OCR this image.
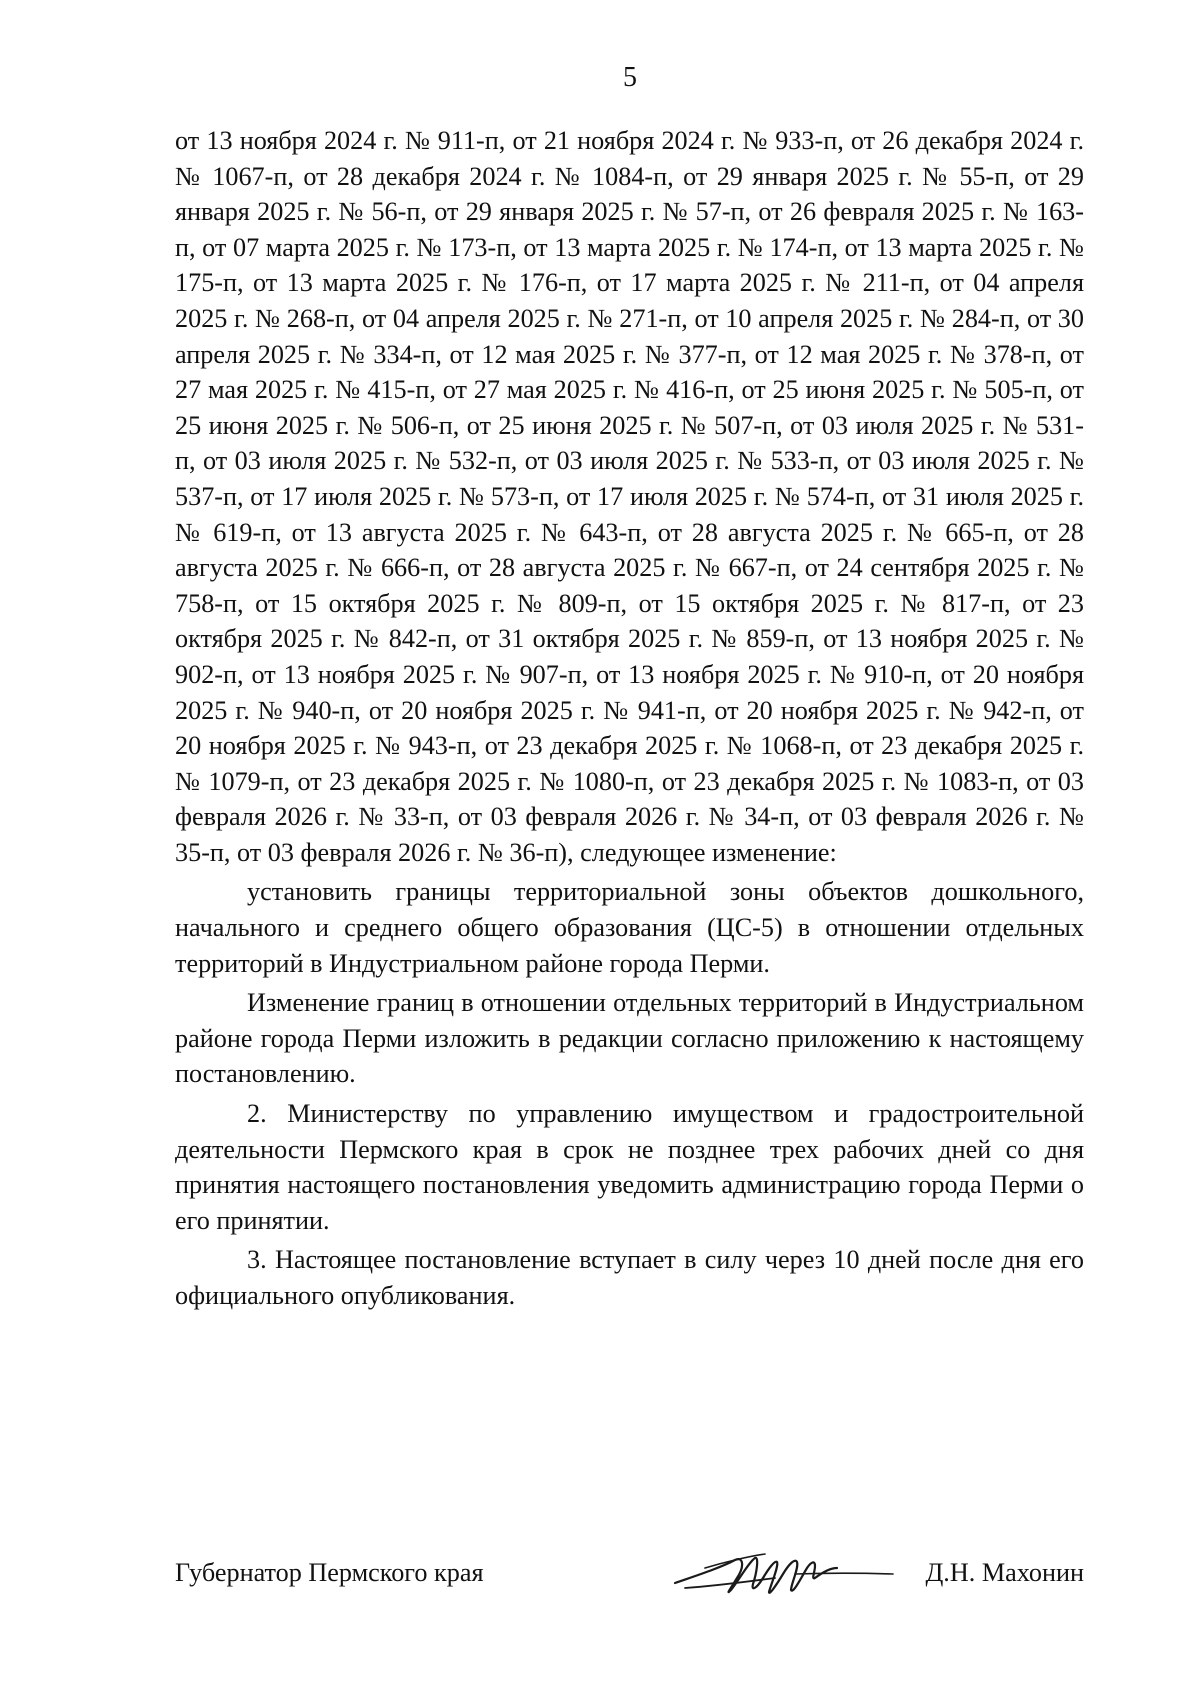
5

от 13 ноября 2024 г. № 911-п, от 21 ноября 2024 г. № 933-п, от 26 декабря 2024 г. № 1067-п, от 28 декабря 2024 г. № 1084-п, от 29 января 2025 г. № 55-п, от 29 января 2025 г. № 56-п, от 29 января 2025 г. № 57-п, от 26 февраля 2025 г. № 163-п, от 07 марта 2025 г. № 173-п, от 13 марта 2025 г. № 174-п, от 13 марта 2025 г. № 175-п, от 13 марта 2025 г. № 176-п, от 17 марта 2025 г. № 211-п, от 04 апреля 2025 г. № 268-п, от 04 апреля 2025 г. № 271-п, от 10 апреля 2025 г. № 284-п, от 30 апреля 2025 г. № 334-п, от 12 мая 2025 г. № 377-п, от 12 мая 2025 г. № 378-п, от 27 мая 2025 г. № 415-п, от 27 мая 2025 г. № 416-п, от 25 июня 2025 г. № 505-п, от 25 июня 2025 г. № 506-п, от 25 июня 2025 г. № 507-п, от 03 июля 2025 г. № 531-п, от 03 июля 2025 г. № 532-п, от 03 июля 2025 г. № 533-п, от 03 июля 2025 г. № 537-п, от 17 июля 2025 г. № 573-п, от 17 июля 2025 г. № 574-п, от 31 июля 2025 г. № 619-п, от 13 августа 2025 г. № 643-п, от 28 августа 2025 г. № 665-п, от 28 августа 2025 г. № 666-п, от 28 августа 2025 г. № 667-п, от 24 сентября 2025 г. № 758-п, от 15 октября 2025 г. № 809-п, от 15 октября 2025 г. № 817-п, от 23 октября 2025 г. № 842-п, от 31 октября 2025 г. № 859-п, от 13 ноября 2025 г. № 902-п, от 13 ноября 2025 г. № 907-п, от 13 ноября 2025 г. № 910-п, от 20 ноября 2025 г. № 940-п, от 20 ноября 2025 г. № 941-п, от 20 ноября 2025 г. № 942-п, от 20 ноября 2025 г. № 943-п, от 23 декабря 2025 г. № 1068-п, от 23 декабря 2025 г. № 1079-п, от 23 декабря 2025 г. № 1080-п, от 23 декабря 2025 г. № 1083-п, от 03 февраля 2026 г. № 33-п, от 03 февраля 2026 г. № 34-п, от 03 февраля 2026 г. № 35-п, от 03 февраля 2026 г. № 36-п), следующее изменение:

установить границы территориальной зоны объектов дошкольного, начального и среднего общего образования (ЦС-5) в отношении отдельных территорий в Индустриальном районе города Перми.

Изменение границ в отношении отдельных территорий в Индустриальном районе города Перми изложить в редакции согласно приложению к настоящему постановлению.

2. Министерству по управлению имуществом и градостроительной деятельности Пермского края в срок не позднее трех рабочих дней со дня принятия настоящего постановления уведомить администрацию города Перми о его принятии.

3. Настоящее постановление вступает в силу через 10 дней после дня его официального опубликования.

Губернатор Пермского края	Д.Н. Махонин
